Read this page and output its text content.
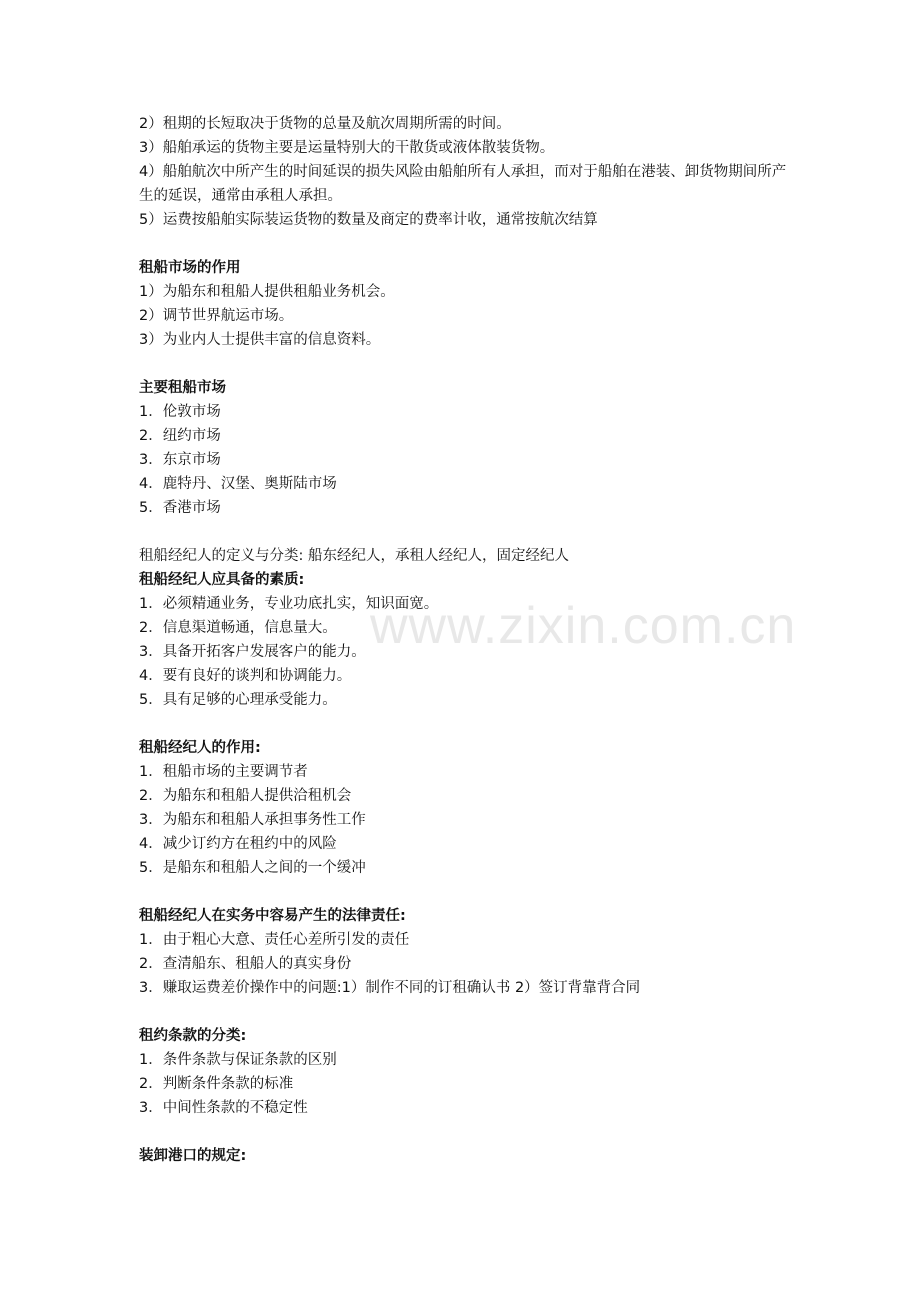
2）租期的长短取决于货物的总量及航次周期所需的时间。
3）船舶承运的货物主要是运量特别大的干散货或液体散装货物。
4）船舶航次中所产生的时间延误的损失风险由船舶所有人承担，而对于船舶在港装、卸货物期间所产生的延误，通常由承租人承担。
5）运费按船舶实际装运货物的数量及商定的费率计收，通常按航次结算
租船市场的作用
1）为船东和租船人提供租船业务机会。
2）调节世界航运市场。
3）为业内人士提供丰富的信息资料。
主要租船市场
1．伦敦市场
2．纽约市场
3．东京市场
4．鹿特丹、汉堡、奥斯陆市场
5．香港市场
租船经纪人的定义与分类: 船东经纪人，承租人经纪人，固定经纪人
租船经纪人应具备的素质:
1．必须精通业务，专业功底扎实，知识面宽。
2．信息渠道畅通，信息量大。
3．具备开拓客户发展客户的能力。
4．要有良好的谈判和协调能力。
5．具有足够的心理承受能力。
租船经纪人的作用:
1．租船市场的主要调节者
2．为船东和租船人提供洽租机会
3．为船东和租船人承担事务性工作
4．减少订约方在租约中的风险
5．是船东和租船人之间的一个缓冲
租船经纪人在实务中容易产生的法律责任:
1．由于粗心大意、责任心差所引发的责任
2．查清船东、租船人的真实身份
3．赚取运费差价操作中的问题:1）制作不同的订租确认书 2）签订背靠背合同
租约条款的分类:
1．条件条款与保证条款的区别
2．判断条件条款的标准
3．中间性条款的不稳定性
装卸港口的规定:
www.zixin.com.cn
